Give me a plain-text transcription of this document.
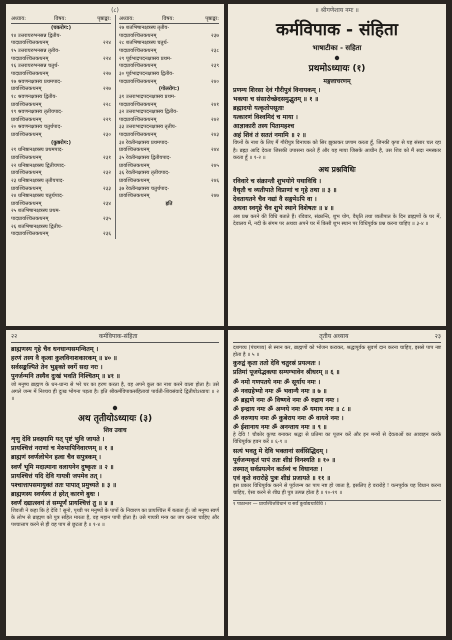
(८)
अध्याय:	विषय:	पृष्ठाङ्का:
(चकरोग:)
१४ उत्तरायरुभनसन्न द्वितीय-
पादप्रायश्चित्तकथनम्	२२४
१५ उत्तरायरुभनसन्न तृतीय-
पादप्रायश्चित्तकथनम्	२२४
१६ उत्तरायरुभनसन्न चतुर्थ-
पादप्रायश्चित्तकथनम्	२२७
१७ श्रवणनक्षत्रस्य प्रथमपाद-
प्रायश्चित्तकथनम्	२२७
१८ श्रवणनक्षत्रस्य द्वितीय-
प्रायश्चित्तकथनम्	२२८
१९ श्रवणनक्षत्रस्य तृतीयपाद-
प्रायश्चित्तकथनम्	२२९
२० श्रवणनक्षत्रस्य चतुर्थपाद-
प्रायश्चित्तकथनम्	२३०
(कुष्ठरोग:)
२१ धनिष्ठानक्षत्रस्य प्रथमपाद-
प्रायश्चित्तकथनम्	२३१
२२ धनिष्ठानक्षत्रस्य द्वितीयपाद-
प्रायश्चित्तकथनम्	२३२
२३ धनिष्ठानक्षत्रस्य तृतीयपाद-
प्रायश्चित्तकथनम्	२३३
२४ धनिष्ठानक्षत्रस्य चतुर्थपाद-
प्रायश्चित्तकथनम्	२३४
२५ शतभिषानक्षत्रस्य प्रथम-
पादप्रायश्चित्तकथनम्	२३५
२६ शतभिषानक्षत्रस्य द्वितीय-
पादप्रायश्चित्तकथनम्	२३६
अध्याय:	विषय:	पृष्ठाङ्का:
२७ शतभिषानक्षत्रस्य तृतीय-
पादप्रायश्चित्तकथनम्	२३७
२८ शतभिषानक्षत्रस्य चतुर्थ-
पादप्रायश्चित्तकथनम्	२३८
२९ पूर्वभाद्रपदनक्षत्रस्य प्रथम-
पादप्रायश्चित्तकथनम्	२३९
३० पूर्वभाद्रपदनक्षत्रस्य द्वितीय-
पादप्रायश्चित्तकथनम्	२४०
(गोलरोग:)
३१ उत्तराभाद्रपदनक्षत्रस्य प्रथम-
पादप्रायश्चित्तकथनम्	२४१
३२ उत्तराभाद्रपदनक्षत्रस्य द्वितीय-
पादप्रायश्चित्तकथनम्	२४२
३३ उत्तराभाद्रपदनक्षत्रस्य तृतीय-
पादप्रायश्चित्तकथनम्	२४३
३४ रेवतीनक्षत्रस्य प्रथमपाद-
प्रायश्चित्तकथनम्	२४४
३५ रेवतीनक्षत्रस्य द्वितीयपाद-
प्रायश्चित्तकथनम्	२४५
३६ रेवतीनक्षत्रस्य तृतीयपाद-
प्रायश्चित्तकथनम्	२४६
३७ रेवतीनक्षत्रस्य चतुर्थपाद-
प्रायश्चित्तकथनम्	२४७
इति
॥ श्रीगणेशाय नमः ॥
कर्मविपाक - संहिता
भाषाटीका - सहिता
प्रथमोऽध्यायः (१)
मङ्गलाचरणम्
प्रणम्य शिरसा देवं गौरीपुत्रं विनायकम् ।
भक्त्या च संसारोच्छेदसमुद्भुतम् ॥ १ ॥
ब्रह्मादयो यत्कृतोपसूताः
यत्कारणं विश्वमिदं च माया ।
आज्ञाकारी तस्य पितामहश्च
अहं शिवं तं सततं नमामि ॥ २ ॥
विघ्नों के नाश के लिए मैं गौरीपुत्र विनायक को सिर झुकाकर प्रणाम करता हूँ, जिनकी कृपा से यह संसार चल रहा है। ब्रह्मा आदि देवता जिसकी उपासना करते हैं और यह माया जिसके आधीन है, उस शिव को मैं सदा नमस्कार करता हूँ ॥ १-२ ॥
अथ प्रश्नविधिः
रविवारे च संक्रान्तौ शुभयोगे यथाविधि ।
वैधृतौ च व्यतीपाते विप्राणां च गृहे तथा ॥ ३ ॥
देवतायतने चैव नद्यां वै सङ्गमेऽपि वा ।
अथवा स्वगृहे चैव शुभे स्थाने विशेषतः ॥ ४ ॥
अब प्रश्न करने की विधि बताते हैं। रविवार, संक्रान्ति, शुभ योग, वैधृति तथा व्यतीपात के दिन ब्राह्मणों के घर में, देवालय में, नदी के संगम पर अथवा अपने घर में किसी शुभ स्थान पर विधिपूर्वक प्रश्न करना चाहिए ॥ ३-४ ॥
२२	कर्मविपाक-संहिता
ब्राह्मणस्य गृहे चैव धनधान्यसमन्वितम् ।
हरणं तस्य वै कृत्वा कुलविनाशकारकम् ॥ ४० ॥
सर्वसङ्कल्पिते तेन भुङ्क्ते स्वर्गे सदा नरः ।
पुनर्जन्मनि तस्यैव दुःखं भवति निश्चितम् ॥ ४१ ॥
जो मनुष्य ब्राह्मण के धन-धान्य से भरे घर का हरण करता है, वह अपने कुल का नाश करने वाला होता है। उसे अगले जन्म में निश्चय ही दुःख भोगना पड़ता है। इति श्रीकर्मविपाकसंहितायां पार्वती-शिवसंवादे द्वितीयोऽध्यायः ॥ २ ॥
अथ तृतीयोऽध्यायः (३)
शिव उवाच
शृणु देवि प्रवक्ष्यामि यत् पृष्टं भुवि जायते ।
प्रायश्चित्तं नराणां च मेरुपापिनिवारणम् ॥ १ ॥
ब्राह्मणं स्वर्णलोभेन हत्वा चैव सपुत्रकम् ।
स्वर्णं भूमि मदात्माना वलायनेन दुष्कृतः ॥ २ ॥
प्रायश्चित्तं यदि देवि गायत्री जपमेव तत् ।
पश्चात्तापसमायुक्तं ततः पापात् प्रमुच्यते ॥ ३ ॥
ब्राह्मणस्य स्वर्णस्य तं हरेत् कारणे बुधः ।
स्वर्णं दद्यात्स्वयं तं सम्पूर्णं प्रायश्चित्तं तु ॥ ४ ॥
शिवजी ने कहा कि हे देवि ! सुनो, पृथ्वी पर मनुष्यों के पापों के निवारण का प्रायश्चित्त मैं बताता हूँ। जो मनुष्य स्वर्ण के लोभ से ब्राह्मण को पुत्र सहित मारता है, वह महान पापी होता है। उसे गायत्री मन्त्र का जप करना चाहिए और पश्चात्ताप करने से ही वह पाप से छूटता है ॥ १-४ ॥
तृतीय अध्याय	२३
दशगव्य (पंचगव्य) से स्नान कर, ब्राह्मणों को भोजन कराकर, श्रद्धापूर्वक सुवर्ण दान करना चाहिए, इससे पाप नष्ट होता है ॥ ५ ॥
कुरुद्वं कृता ततो देवि चतुरस्रं प्रयत्नतः ।
प्रतिमां पूजयेद्भक्त्या सम्यग्भावेन श्रीधरम् ॥ ६ ॥
ॐ नमो गणपतये नमः ॐ सूर्याय नमः ।
ॐ नवग्रहेभ्यो नमः ॐ भवान्यै नमः ॥ ७ ॥
ॐ ब्रह्मणे नमः ॐ विष्णवे नमः ॐ रुद्राय नमः ।
ॐ इन्द्राय नमः ॐ अग्नये नमः ॐ यमाय नमः ॥ ८ ॥
ॐ वरुणाय नमः ॐ कुबेराय नमः ॐ वायवे नमः ।
ॐ ईशानाय नमः ॐ अनन्ताय नमः ॥ ९ ॥
हे देवि ! चौकोर कुण्ड बनाकर श्रद्धा से प्रतिमा का पूजन करें और इन मन्त्रों से देवताओं का आवाहन करके विधिपूर्वक हवन करें ॥ ६-९ ॥
सत्यं भवतु मे देवि भक्तानां सर्वसिद्धिदम् ।
पूर्वजन्मकृतं पापं ततः शीघ्रं विनश्यति ॥ १० ॥
तस्मात् सर्वप्रयत्नेन कर्तव्यं च विधानतः ।
एवं कृते वरारोहे पुत्रः शीघ्रं प्रजायते ॥ ११ ॥
इस प्रकार विधिपूर्वक करने से पूर्वजन्म का पाप नष्ट हो जाता है, इसलिए हे वरारोहे ! यत्नपूर्वक यह विधान करना चाहिए, ऐसा करने से शीघ्र ही पुत्र उत्पन्न होता है ॥ १०-११ ॥
१ पाठान्तर — प्रायश्चित्तविधानं च सर्वं कुर्याद्यथाविधि ।
